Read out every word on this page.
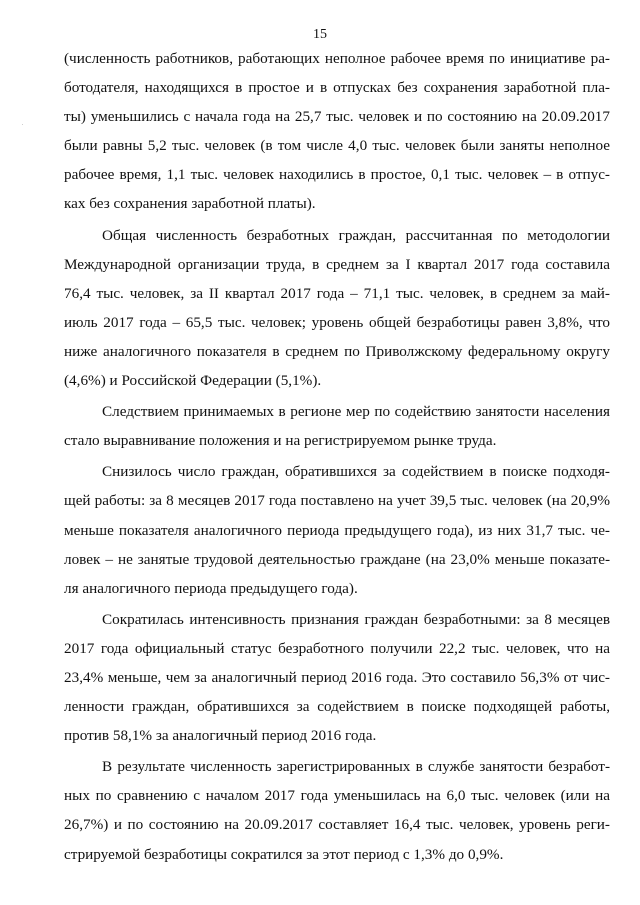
15
(численность работников, работающих неполное рабочее время по инициативе ра-
ботодателя, находящихся в простое и в отпусках без сохранения заработной пла-
ты) уменьшились с начала года на 25,7 тыс. человек и по состоянию на 20.09.2017
были равны 5,2 тыс. человек (в том числе 4,0 тыс. человек были заняты неполное
рабочее время, 1,1 тыс. человек находились в простое, 0,1 тыс. человек – в отпус-
ках без сохранения заработной платы).
Общая численность безработных граждан, рассчитанная по методологии
Международной организации труда, в среднем за I квартал 2017 года составила
76,4 тыс. человек, за II квартал 2017 года – 71,1 тыс. человек, в среднем за май-
июль 2017 года – 65,5 тыс. человек; уровень общей безработицы равен 3,8%, что
ниже аналогичного показателя в среднем по Приволжскому федеральному округу
(4,6%) и Российской Федерации (5,1%).
Следствием принимаемых в регионе мер по содействию занятости населения
стало выравнивание положения и на регистрируемом рынке труда.
Снизилось число граждан, обратившихся за содействием в поиске подходя-
щей работы: за 8 месяцев 2017 года поставлено на учет 39,5 тыс. человек (на 20,9%
меньше показателя аналогичного периода предыдущего года), из них 31,7 тыс. че-
ловек – не занятые трудовой деятельностью граждане (на 23,0% меньше показате-
ля аналогичного периода предыдущего года).
Сократилась интенсивность признания граждан безработными: за 8 месяцев
2017 года официальный статус безработного получили 22,2 тыс. человек, что на
23,4% меньше, чем за аналогичный период 2016 года. Это составило 56,3% от чис-
ленности граждан, обратившихся за содействием в поиске подходящей работы,
против 58,1% за аналогичный период 2016 года.
В результате численность зарегистрированных в службе занятости безработ-
ных по сравнению с началом 2017 года уменьшилась на 6,0 тыс. человек (или на
26,7%) и по состоянию на 20.09.2017 составляет 16,4 тыс. человек, уровень реги-
стрируемой безработицы сократился за этот период с 1,3% до 0,9%.
